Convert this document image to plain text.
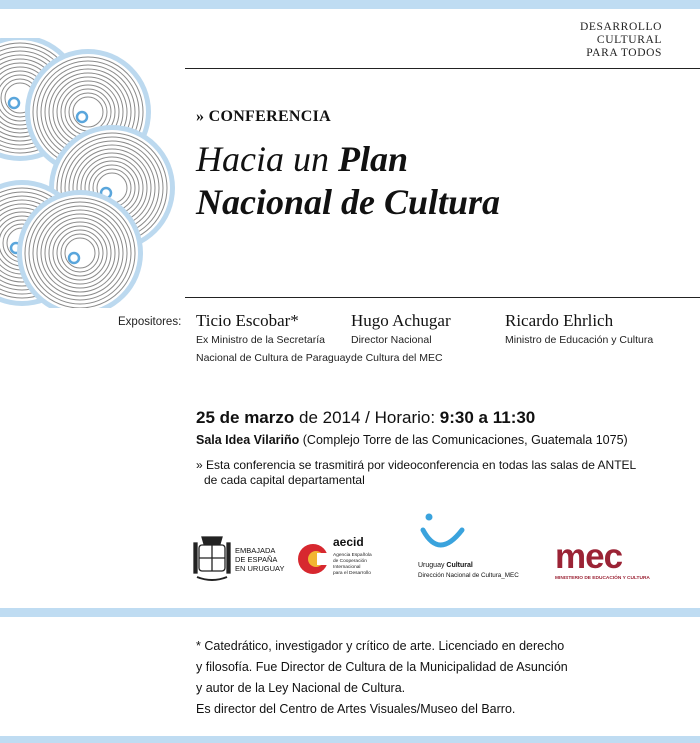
DESARROLLO
CULTURAL
PARA TODOS
» CONFERENCIA
Hacia un Plan
Nacional de Cultura
Expositores: Ticio Escobar*
Ex Ministro de la Secretaría
Nacional de Cultura de Paraguay
Hugo Achugar
Director Nacional
de Cultura del MEC
Ricardo Ehrlich
Ministro de Educación y Cultura
25 de marzo de 2014 / Horario: 9:30 a 11:30
Sala Idea Vilariño (Complejo Torre de las Comunicaciones, Guatemala 1075)
» Esta conferencia se trasmitirá por videoconferencia en todas las salas de ANTEL
de cada capital departamental
EMBAJADA
DE ESPAÑA
EN URUGUAY
aecid
Agencia Española
de Cooperación
Internacional
para el Desarrollo
Uruguay Cultural
Dirección Nacional de Cultura_MEC mec
MINISTERIO DE EDUCACIÓN Y CULTURA
* Catedrático, investigador y crítico de arte. Licenciado en derecho
y filosofía. Fue Director de Cultura de la Municipalidad de Asunción
y autor de la Ley Nacional de Cultura.
Es director del Centro de Artes Visuales/Museo del Barro.
